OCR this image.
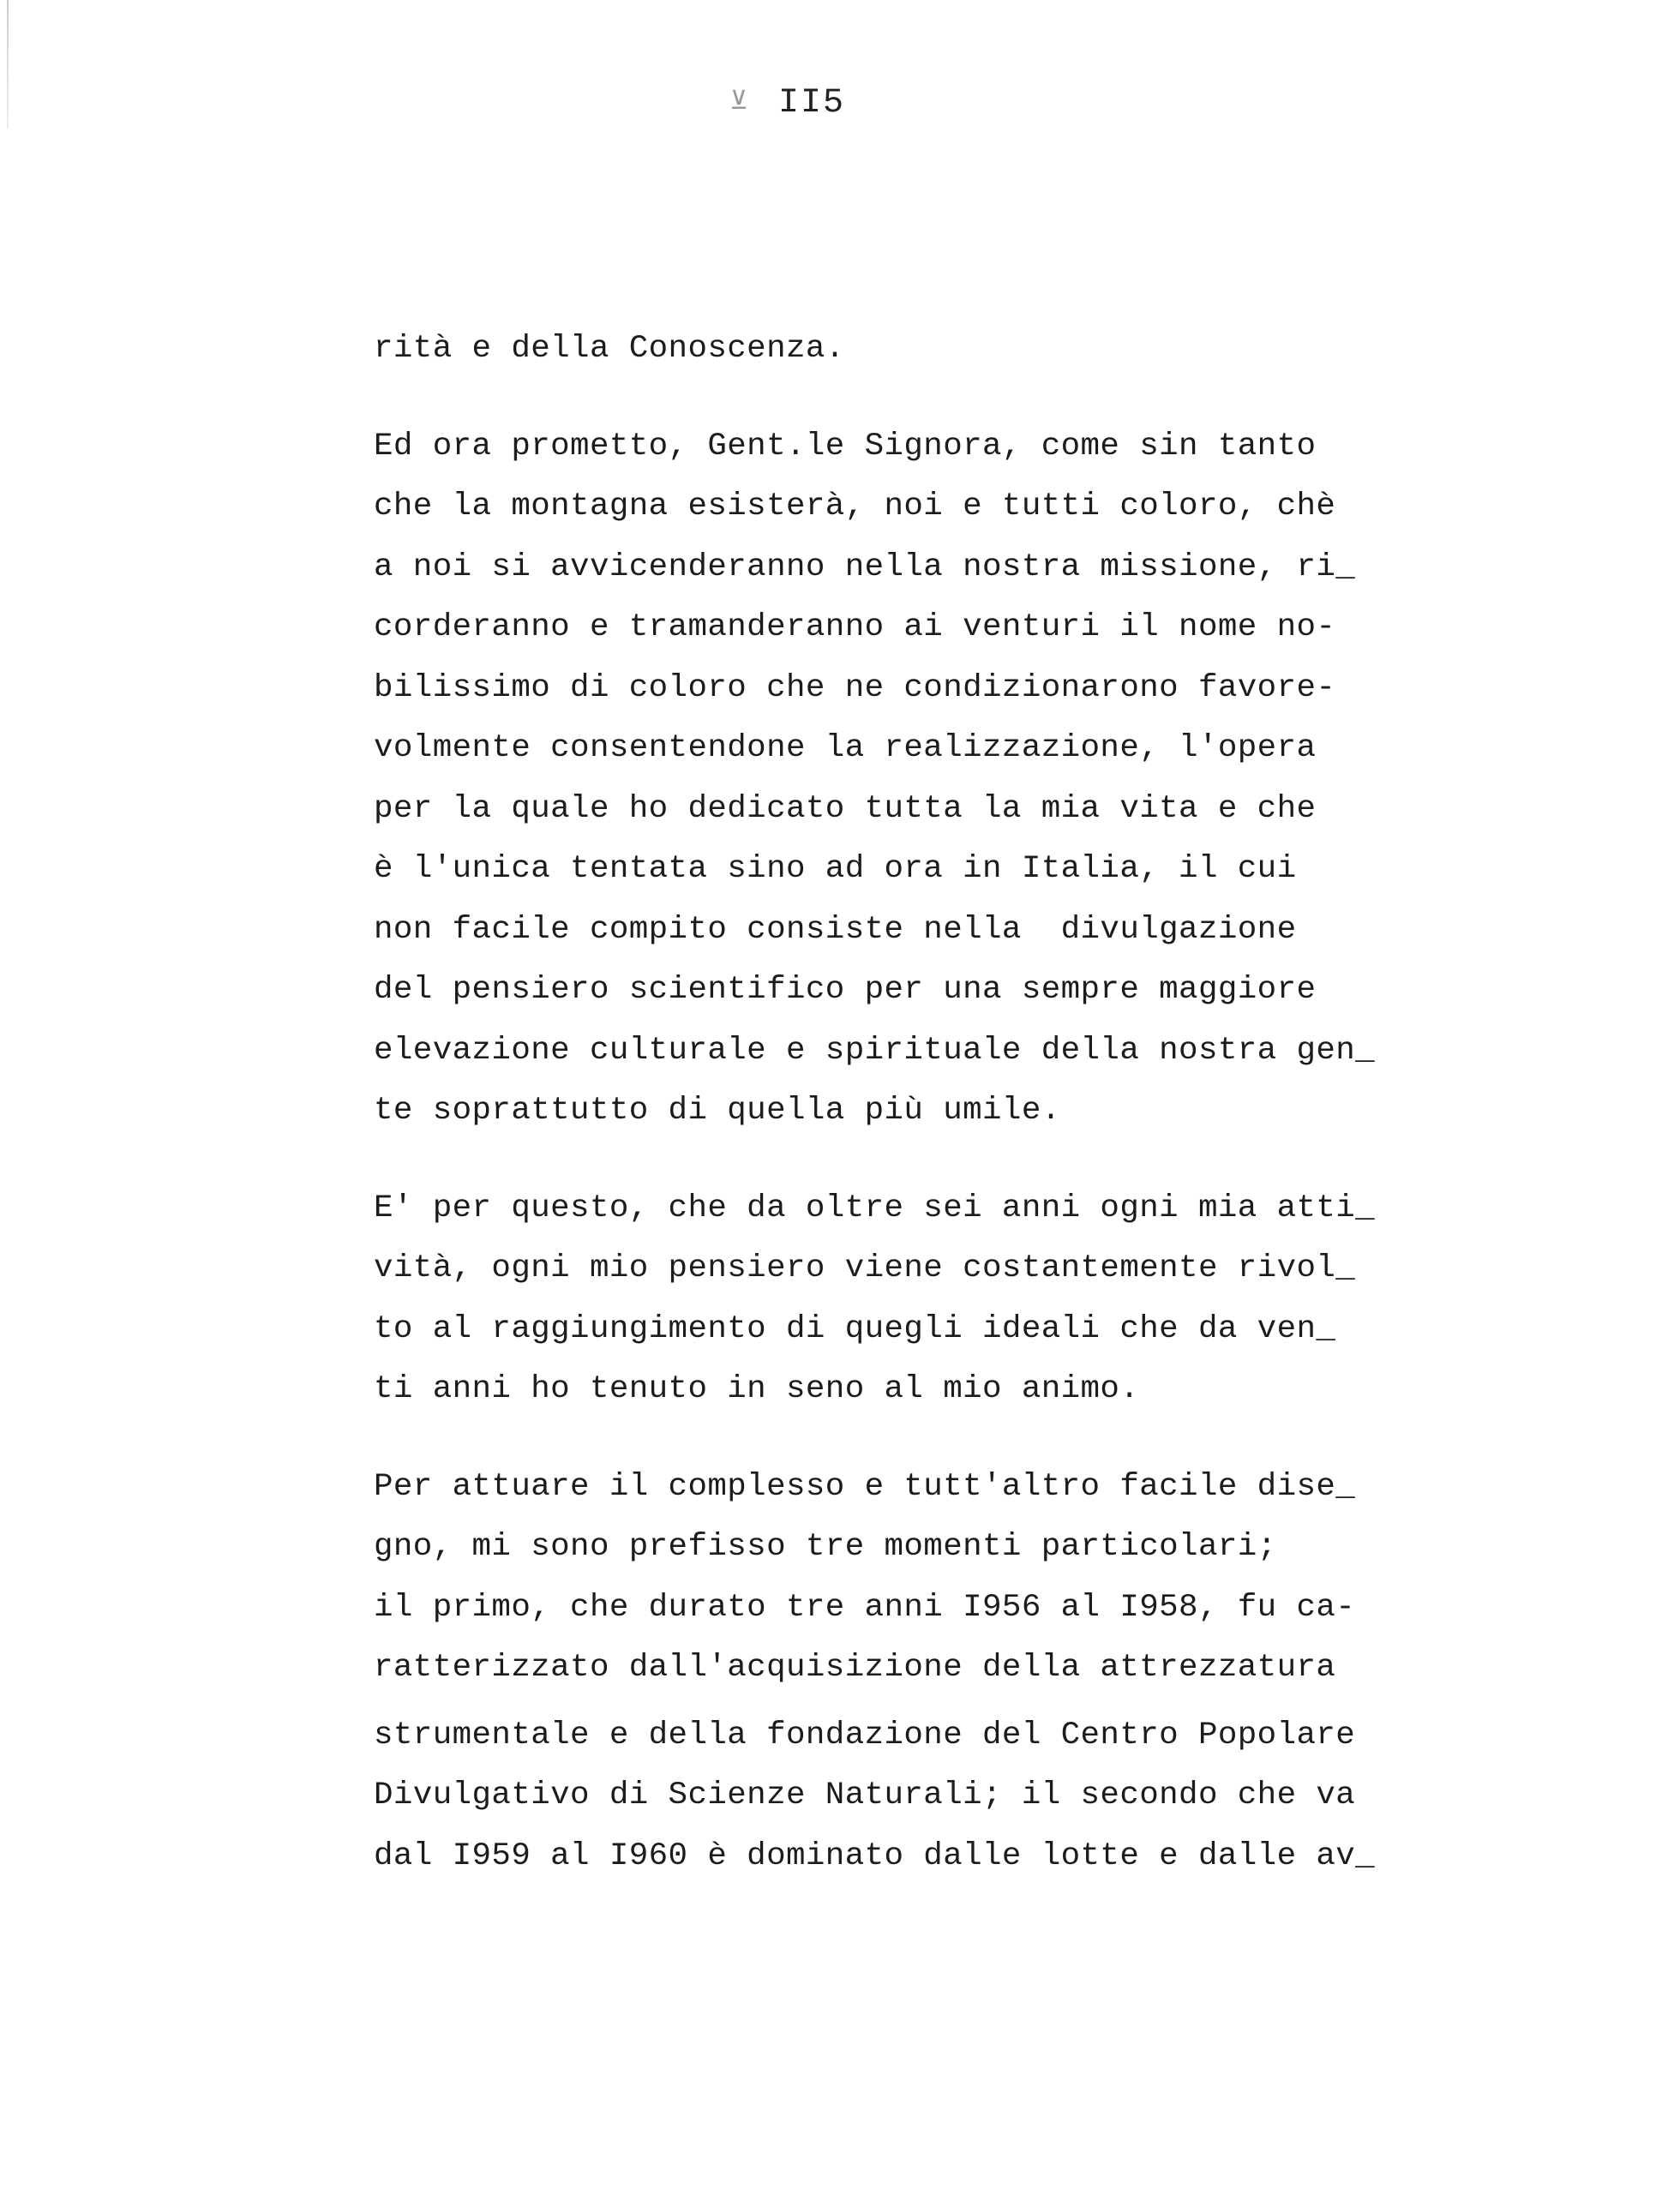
⊻ II5
rità e della Conoscenza.
Ed ora prometto, Gent.le Signora, come sin tanto
che la montagna esisterà, noi e tutti coloro, chè
a noi si avvicenderanno nella nostra missione, ri_
corderanno e tramanderanno ai venturi il nome no-
bilissimo di coloro che ne condizionarono favore-
volmente consentendone la realizzazione, l'opera
per la quale ho dedicato tutta la mia vita e che
è l'unica tentata sino ad ora in Italia, il cui
non facile compito consiste nella  divulgazione
del pensiero scientifico per una sempre maggiore
elevazione culturale e spirituale della nostra gen_
te soprattutto di quella più umile.
E' per questo, che da oltre sei anni ogni mia atti_
vità, ogni mio pensiero viene costantemente rivol_
to al raggiungimento di quegli ideali che da ven_
ti anni ho tenuto in seno al mio animo.
Per attuare il complesso e tutt'altro facile dise_
gno, mi sono prefisso tre momenti particolari;
il primo, che durato tre anni I956 al I958, fu ca-
ratterizzato dall'acquisizione della attrezzatura
strumentale e della fondazione del Centro Popolare
Divulgativo di Scienze Naturali; il secondo che va
dal I959 al I960 è dominato dalle lotte e dalle av_
